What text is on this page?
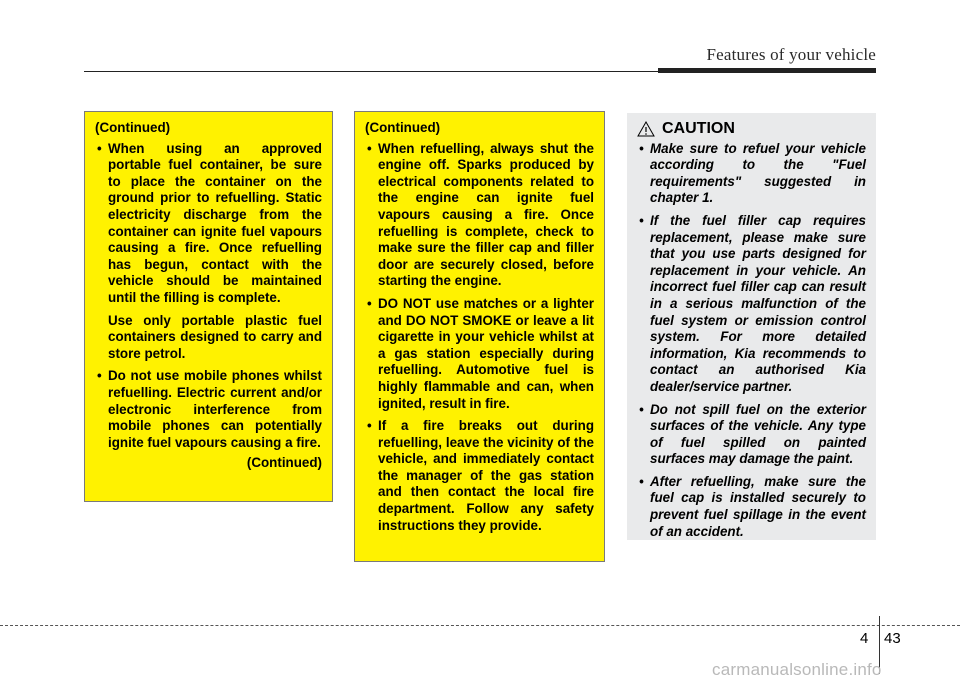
Features of your vehicle
(Continued)
• When using an approved portable fuel container, be sure to place the container on the ground prior to refuelling. Static electricity discharge from the container can ignite fuel vapours causing a fire. Once refuelling has begun, contact with the vehicle should be maintained until the filling is complete.
Use only portable plastic fuel containers designed to carry and store petrol.
• Do not use mobile phones whilst refuelling. Electric current and/or electronic interference from mobile phones can potentially ignite fuel vapours causing a fire.
(Continued)
(Continued)
• When refuelling, always shut the engine off. Sparks produced by electrical components related to the engine can ignite fuel vapours causing a fire. Once refuelling is complete, check to make sure the filler cap and filler door are securely closed, before starting the engine.
• DO NOT use matches or a lighter and DO NOT SMOKE or leave a lit cigarette in your vehicle whilst at a gas station especially during refuelling. Automotive fuel is highly flammable and can, when ignited, result in fire.
• If a fire breaks out during refuelling, leave the vicinity of the vehicle, and immediately contact the manager of the gas station and then contact the local fire department. Follow any safety instructions they provide.
CAUTION
• Make sure to refuel your vehicle according to the "Fuel requirements" suggested in chapter 1.
• If the fuel filler cap requires replacement, please make sure that you use parts designed for replacement in your vehicle. An incorrect fuel filler cap can result in a serious malfunction of the fuel system or emission control system. For more detailed information, Kia recommends to contact an authorised Kia dealer/service partner.
• Do not spill fuel on the exterior surfaces of the vehicle. Any type of fuel spilled on painted surfaces may damage the paint.
• After refuelling, make sure the fuel cap is installed securely to prevent fuel spillage in the event of an accident.
4 43
carmanualsonline.info
